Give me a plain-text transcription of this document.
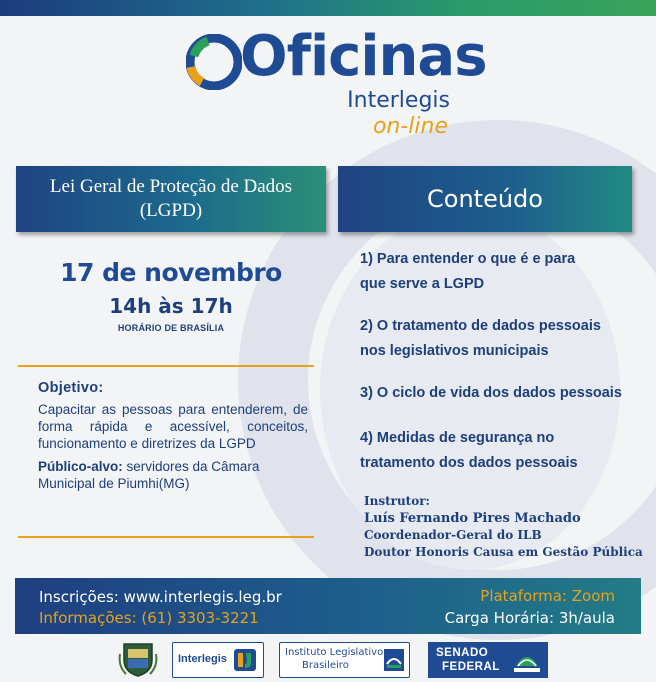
Oficinas
Interlegis
on-line
Lei Geral de Proteção de Dados
(LGPD)	Conteúdo
17 de novembro
14h às 17h
HORÁRIO DE BRASÍLIA
Objetivo:
Capacitar as pessoas para entenderem, de forma rápida e acessível, conceitos, funcionamento e diretrizes da LGPD
Público-alvo: servidores da Câmara Municipal de Piumhi(MG)
1) Para entender o que é e para
que serve a LGPD
2) O tratamento de dados pessoais
nos legislativos municipais
3) O ciclo de vida dos dados pessoais
4) Medidas de segurança no
tratamento dos dados pessoais
Instrutor:
Luís Fernando Pires Machado
Coordenador-Geral do ILB
Doutor Honoris Causa em Gestão Pública
Inscrições: www.interlegis.leg.br
Informações: (61) 3303-3221
Plataforma: Zoom
Carga Horária: 3h/aula
Interlegis
Instituto Legislativo
Brasileiro
SENADO
FEDERAL
